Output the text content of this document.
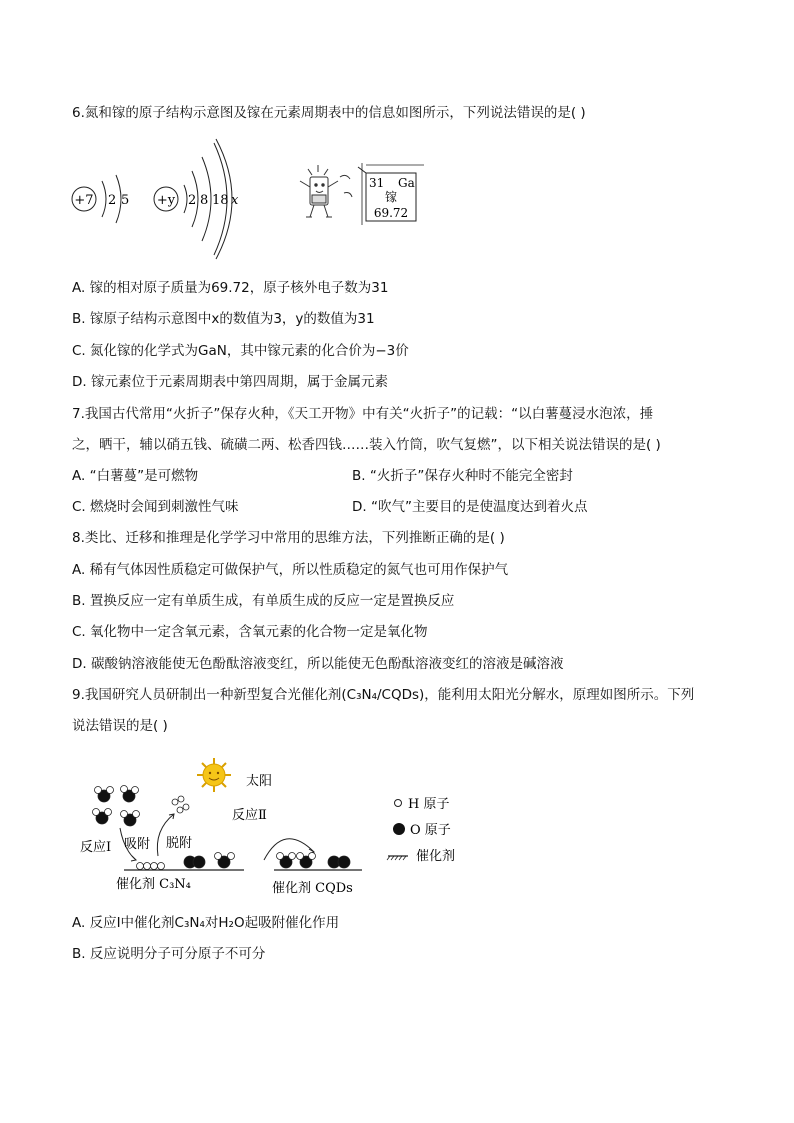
6.氮和镓的原子结构示意图及镓在元素周期表中的信息如图所示，下列说法错误的是( )
+7 2 5 +y 2 8 18 x
31 Ga
镓
69.72
A. 镓的相对原子质量为69.72，原子核外电子数为31
B. 镓原子结构示意图中x的数值为3，y的数值为31
C. 氮化镓的化学式为GaN，其中镓元素的化合价为−3价
D. 镓元素位于元素周期表中第四周期，属于金属元素
7.我国古代常用“火折子”保存火种，《天工开物》中有关“火折子”的记载：“以白薯蔓浸水泡浓，捶
之，晒干，辅以硝五钱、硫磺二两、松香四钱……装入竹筒，吹气复燃”，以下相关说法错误的是( )
A. “白薯蔓”是可燃物	B. “火折子”保存火种时不能完全密封
C. 燃烧时会闻到刺激性气味	D. “吹气”主要目的是使温度达到着火点
8.类比、迁移和推理是化学学习中常用的思维方法，下列推断正确的是( )
A. 稀有气体因性质稳定可做保护气，所以性质稳定的氮气也可用作保护气
B. 置换反应一定有单质生成，有单质生成的反应一定是置换反应
C. 氧化物中一定含氧元素，含氧元素的化合物一定是氧化物
D. 碳酸钠溶液能使无色酚酞溶液变红，所以能使无色酚酞溶液变红的溶液是碱溶液
9.我国研究人员研制出一种新型复合光催化剂(C₃N₄/CQDs)，能利用太阳光分解水，原理如图所示。下列
说法错误的是( )
太阳
反应Ⅰ 吸附 脱附
反应Ⅱ
催化剂 C₃N₄	催化剂 CQDs
H 原子
O 原子
催化剂
A. 反应Ⅰ中催化剂C₃N₄对H₂O起吸附催化作用
B. 反应说明分子可分原子不可分
